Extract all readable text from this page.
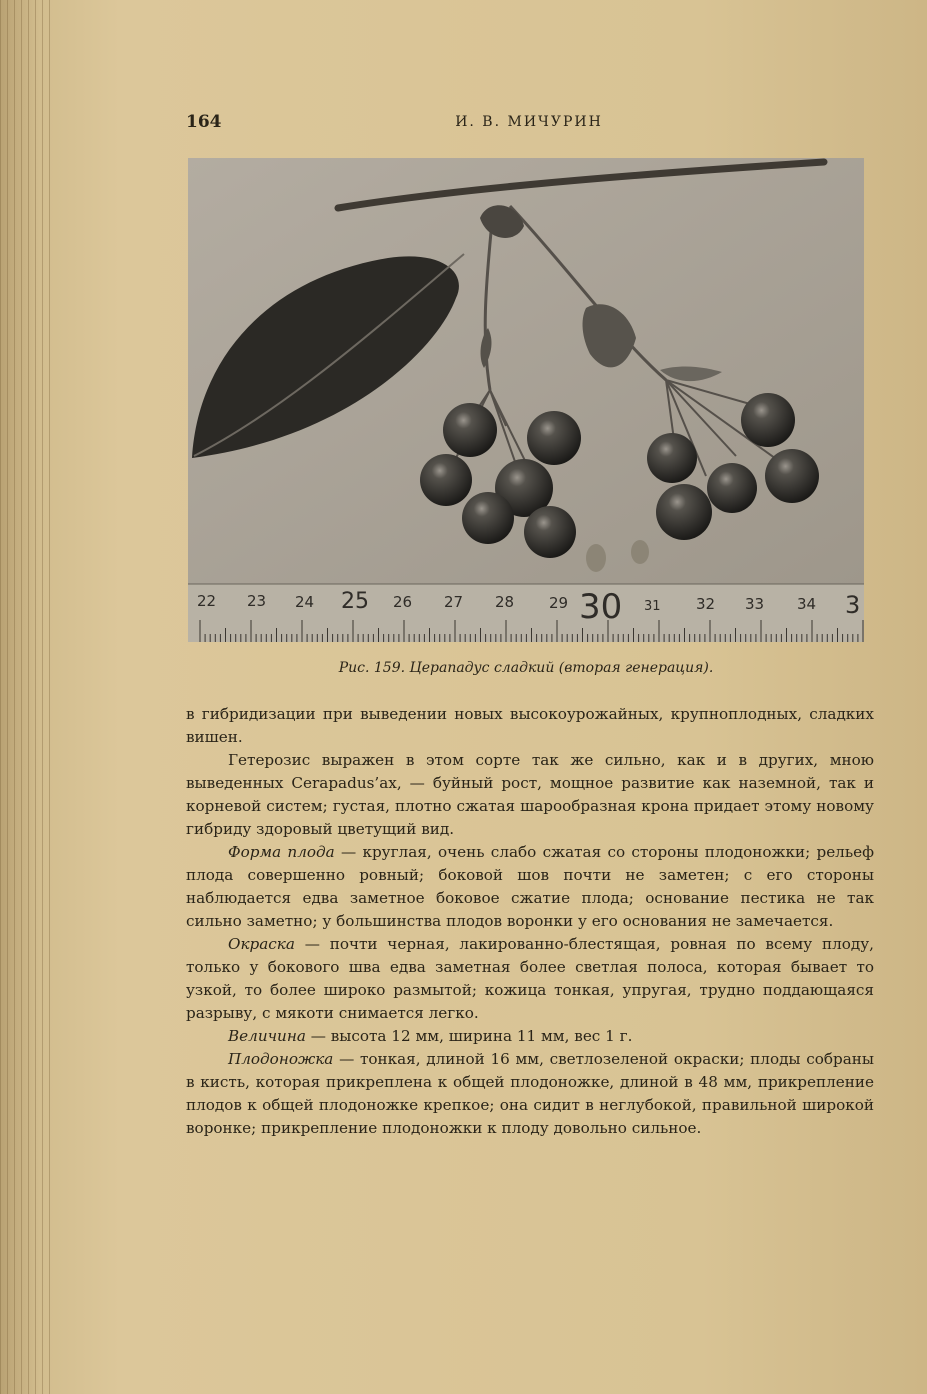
164	И. В. МИЧУРИН
22 23 24 25 26 27 28 29 30 31 32 33 34 3
Рис. 159. Церападус сладкий (вторая генерация).

в гибридизации при выведении новых высокоурожайных, крупноплодных, сладких вишен.

Гетерозис выражен в этом сорте так же сильно, как и в других, мною выведенных Cerapadus’ах, — буйный рост, мощное развитие как наземной, так и корневой систем; густая, плотно сжатая шарообразная крона придает этому новому гибриду здоровый цветущий вид.

Форма плода — круглая, очень слабо сжатая со стороны плодоножки; рельеф плода совершенно ровный; боковой шов почти не заметен; с его стороны наблюдается едва заметное боковое сжатие плода; основание пестика не так сильно заметно; у большинства плодов воронки у его основания не замечается.

Окраска — почти черная, лакированно-блестящая, ровная по всему плоду, только у бокового шва едва заметная более светлая полоса, которая бывает то узкой, то более широко размытой; кожица тонкая, упругая, трудно поддающаяся разрыву, с мякоти снимается легко.

Величина — высота 12 мм, ширина 11 мм, вес 1 г.

Плодоножка — тонкая, длиной 16 мм, светлозеленой окраски; плоды собраны в кисть, которая прикреплена к общей плодоножке, длиной в 48 мм, прикрепление плодов к общей плодоножке крепкое; она сидит в неглубокой, правильной широкой воронке; прикрепление плодоножки к плоду довольно сильное.
